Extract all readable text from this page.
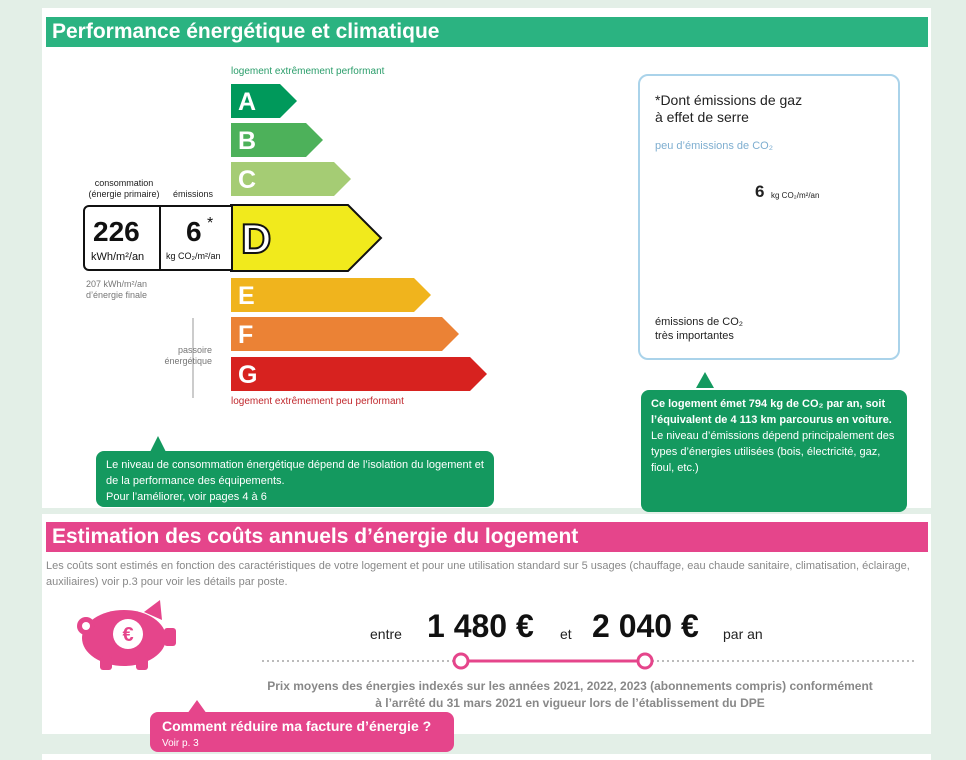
Performance énergétique et climatique
Estimation des coûts annuels d’énergie du logement
logement extrêmement performant
logement extrêmement peu performant
A
B
C
D
E
F
G
consommation
(énergie primaire)	émissions
226
kWh/m²/an
6 *
kg CO₂/m²/an
207 kWh/m²/an
d’énergie finale
passoire
énergétique
*Dont émissions de gaz
à effet de serre
peu d’émissions de CO₂
émissions de CO₂
très importantes
6 kg CO₂/m²/an
Le niveau de consommation énergétique dépend de l’isolation du logement et de la performance des équipements.
Pour l’améliorer, voir pages 4 à 6
Ce logement émet 794 kg de CO₂ par an, soit l’équivalent de 4 113 km parcourus en voiture.
Le niveau d’émissions dépend principalement des types d’énergies utilisées (bois, électricité, gaz, fioul, etc.)
Les coûts sont estimés en fonction des caractéristiques de votre logement et pour une utilisation standard sur 5 usages (chauffage, eau chaude sanitaire, climatisation, éclairage, auxiliaires) voir p.3 pour voir les détails par poste.
€	entre 1 480 € et 2 040 € par an
Prix moyens des énergies indexés sur les années 2021, 2022, 2023 (abonnements compris) conformément
à l’arrêté du 31 mars 2021 en vigueur lors de l’établissement du DPE
Comment réduire ma facture d’énergie ?
Voir p. 3
